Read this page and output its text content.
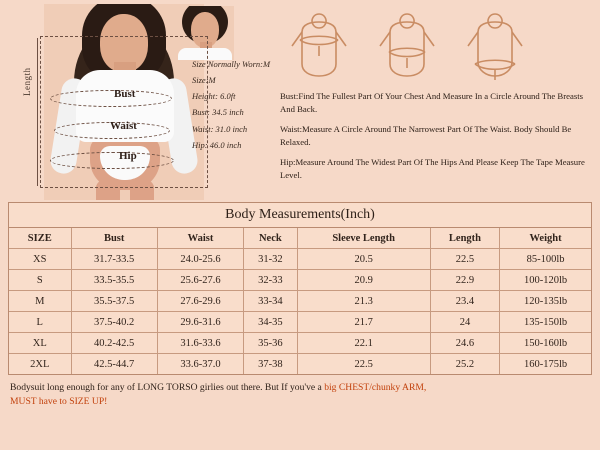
Length	Bust
Waist
Hip
Size Normally Worn:M
Size:M
Height: 6.0ft
Bust: 34.5 inch
Waist: 31.0 inch
Hip: 46.0 inch

Bust:Find The Fullest Part Of Your Chest And Measure In a Circle Around The Breasts And Back.

Waist:Measure A Circle Around The Narrowest Part Of The Waist. Body Should Be Relaxed.

Hip:Measure Around The Widest Part Of The Hips And Please Keep The Tape Measure Level.

Body Measurements(Inch)
SIZE	Bust	Waist	Neck	Sleeve Length	Length	Weight
XS	31.7-33.5	24.0-25.6	31-32	20.5	22.5	85-100lb
S	33.5-35.5	25.6-27.6	32-33	20.9	22.9	100-120lb
M	35.5-37.5	27.6-29.6	33-34	21.3	23.4	120-135lb
L	37.5-40.2	29.6-31.6	34-35	21.7	24	135-150lb
XL	40.2-42.5	31.6-33.6	35-36	22.1	24.6	150-160lb
2XL	42.5-44.7	33.6-37.0	37-38	22.5	25.2	160-175lb
Bodysuit long enough for any of LONG TORSO girlies out there. But If you've a big CHEST/chunky ARM,
MUST have to SIZE UP!
